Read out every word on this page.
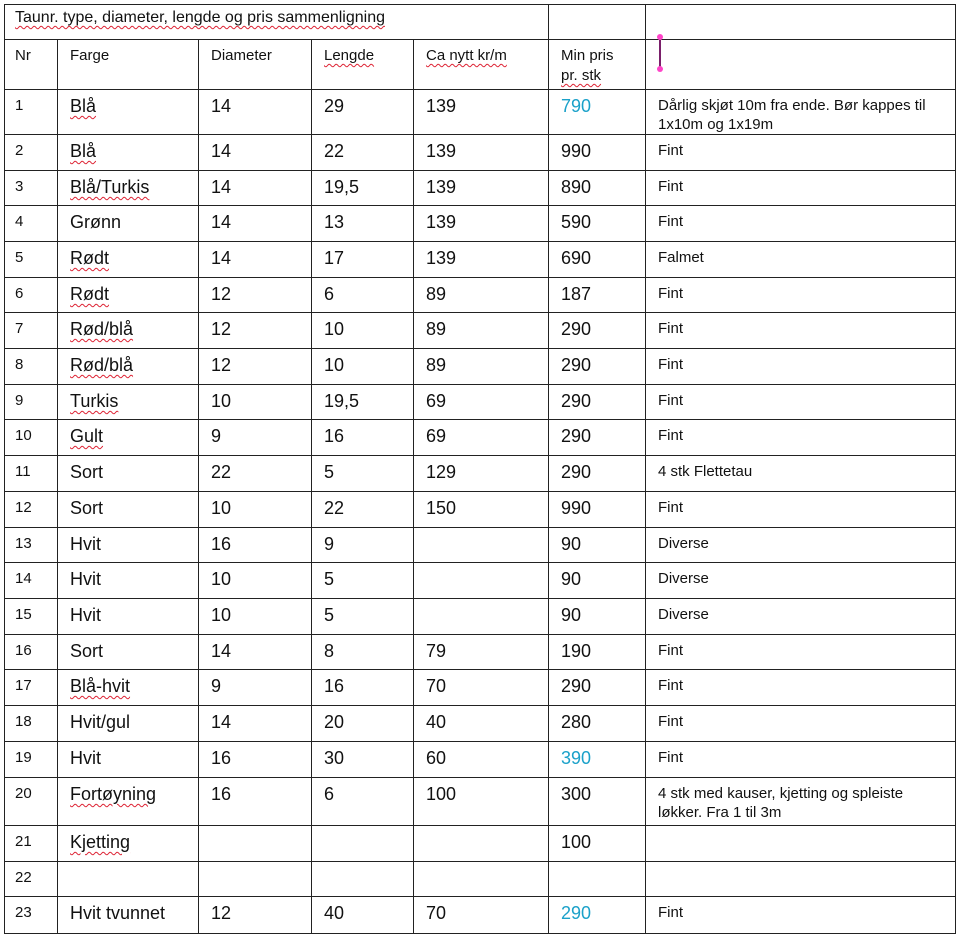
Taunr. type, diameter, lengde og pris sammenligning						

Nr	Farge	Diameter	Lengde	Ca nytt kr/m	Min pris
pr. stk	

1	Blå	14	29	139	790	Dårlig skjøt 10m fra ende. Bør kappes til 1x10m og 1x19m

2	Blå	14	22	139	990	Fint

3	Blå/Turkis	14	19,5	139	890	Fint

4	Grønn	14	13	139	590	Fint

5	Rødt	14	17	139	690	Falmet

6	Rødt	12	6	89	187	Fint

7	Rød/blå	12	10	89	290	Fint

8	Rød/blå	12	10	89	290	Fint

9	Turkis	10	19,5	69	290	Fint

10	Gult	9	16	69	290	Fint

11	Sort	22	5	129	290	4 stk Flettetau

12	Sort	10	22	150	990	Fint

13	Hvit	16	9		90	Diverse

14	Hvit	10	5		90	Diverse

15	Hvit	10	5		90	Diverse

16	Sort	14	8	79	190	Fint

17	Blå-hvit	9	16	70	290	Fint

18	Hvit/gul	14	20	40	280	Fint

19	Hvit	16	30	60	390	Fint

20	Fortøyning	16	6	100	300	4 stk med kauser, kjetting og spleiste løkker. Fra 1 til 3m

21	Kjetting				100	

22						

23	Hvit tvunnet	12	40	70	290	Fint
